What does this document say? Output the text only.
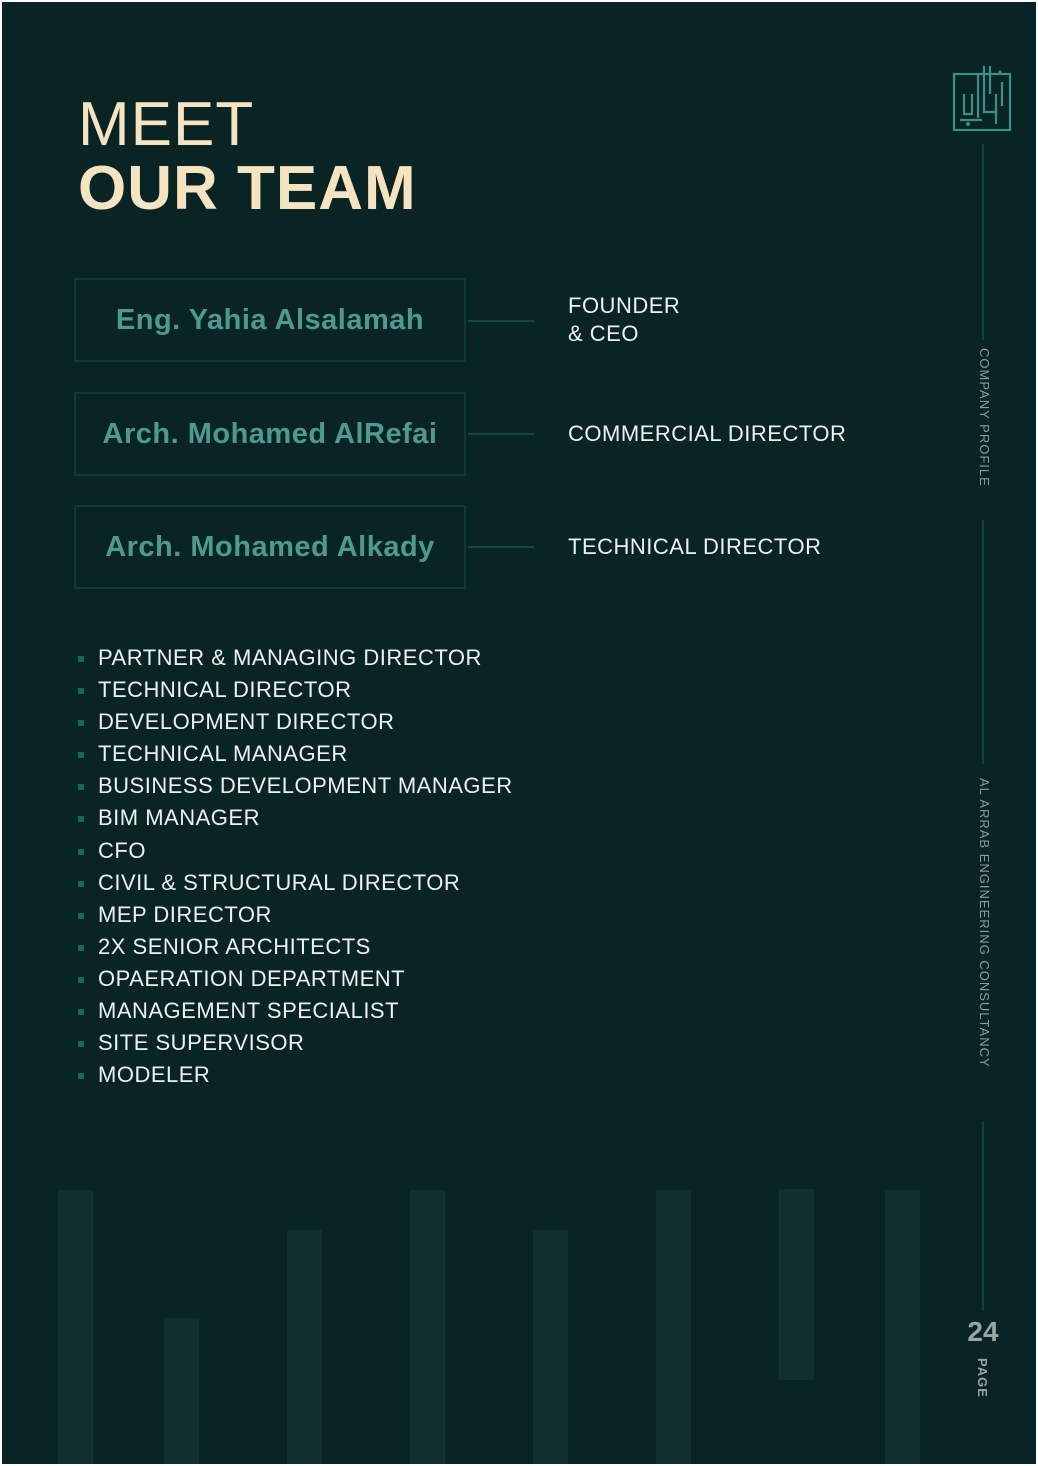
MEET
OUR TEAM
Eng. Yahia Alsalamah	FOUNDER
& CEO
Arch. Mohamed AlRefai	COMMERCIAL DIRECTOR
Arch. Mohamed Alkady	TECHNICAL DIRECTOR
PARTNER & MANAGING DIRECTOR
TECHNICAL DIRECTOR
DEVELOPMENT DIRECTOR
TECHNICAL MANAGER
BUSINESS DEVELOPMENT MANAGER
BIM MANAGER
CFO
CIVIL & STRUCTURAL DIRECTOR
MEP DIRECTOR
2X SENIOR ARCHITECTS
OPAERATION DEPARTMENT
MANAGEMENT SPECIALIST
SITE SUPERVISOR
MODELER
COMPANY PROFILE
AL ARRAB ENGINEERING CONSULTANCY
24
PAGE
